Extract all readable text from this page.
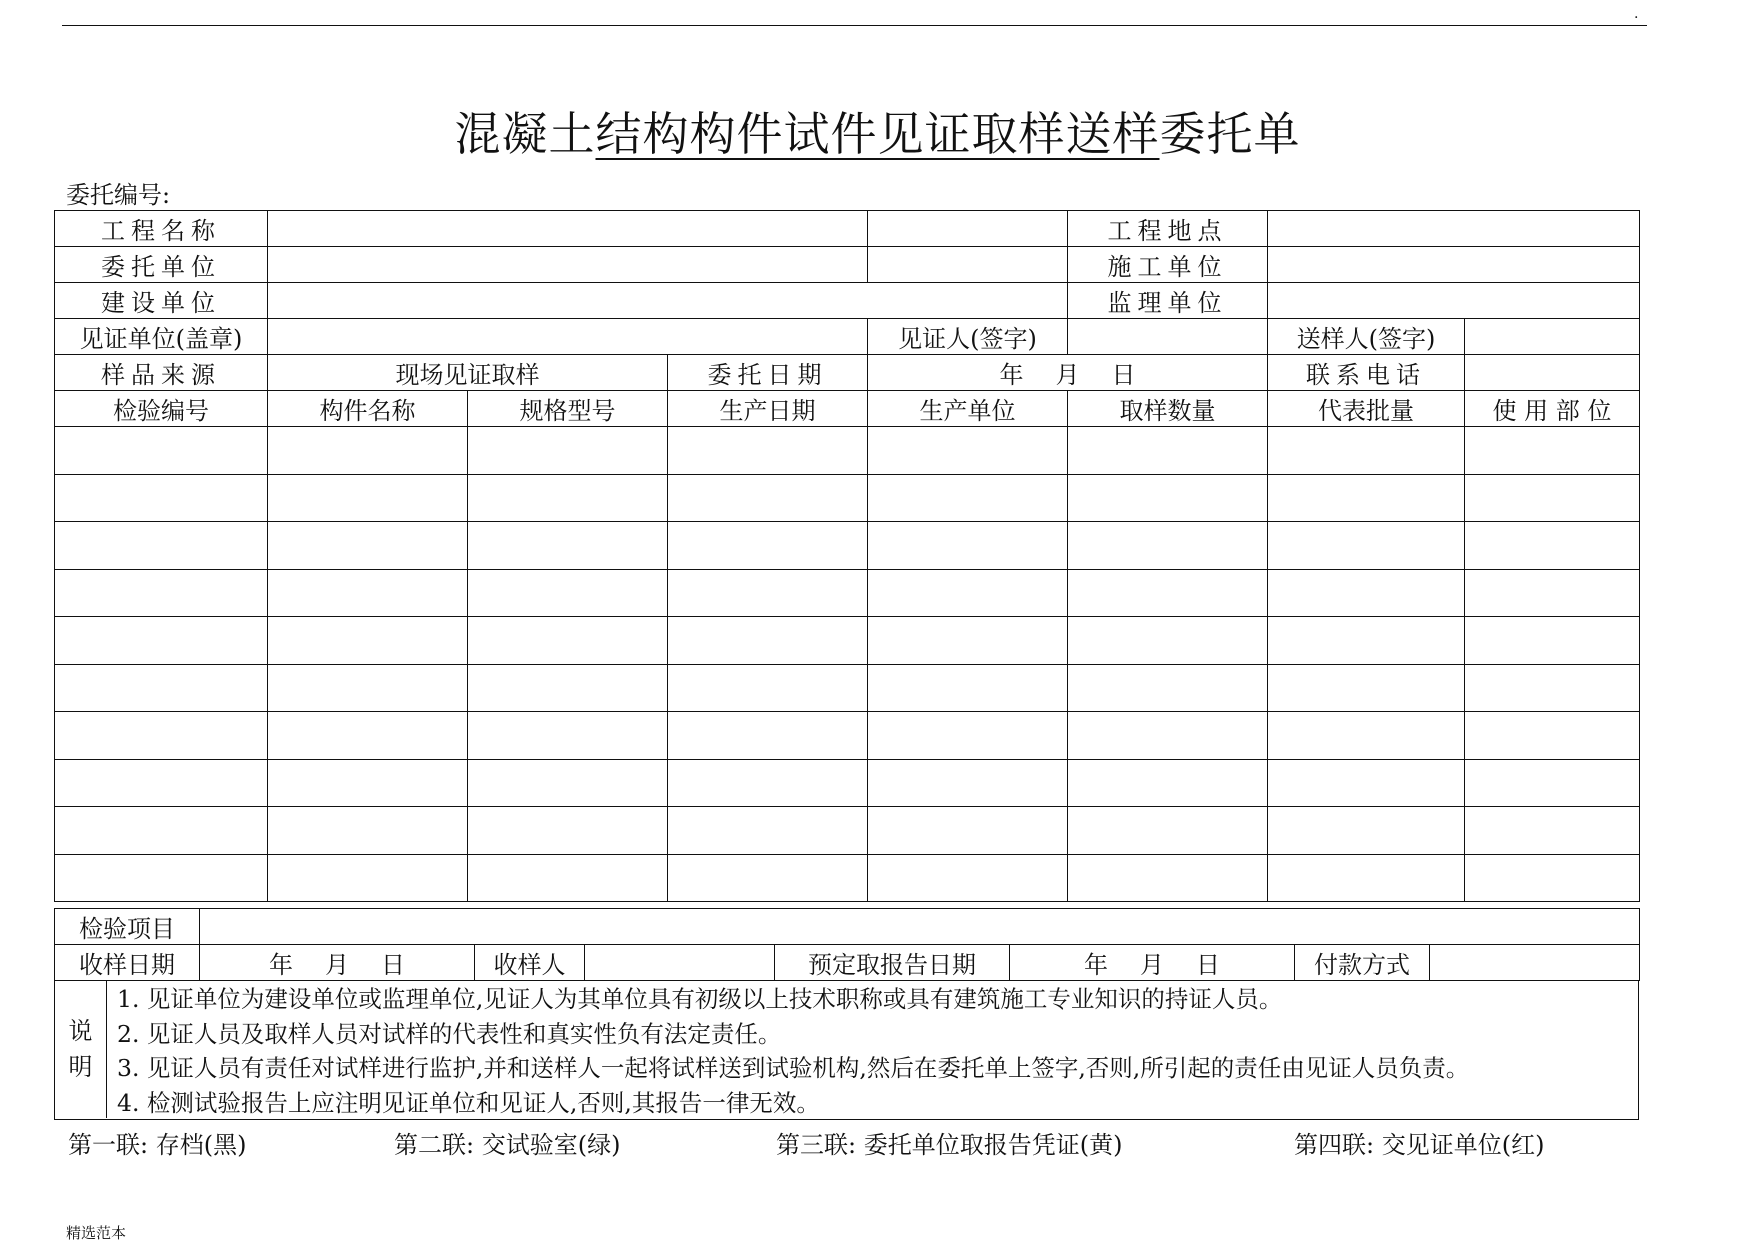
.
混凝土结构构件试件见证取样送样委托单
委托编号:
工程名称					工程地点		
委托单位					施工单位		
建设单位					监理单位		
见证单位(盖章)				见证人(签字)		送样人(签字)	
样品来源	现场见证取样		委托日期	年 月 日		联系电话	
检验编号	构件名称	规格型号	生产日期	生产单位	取样数量	代表批量	使 用 部 位

检验项目							
收样日期	年 月 日	收样人		预定取报告日期	年 月 日	付款方式	
说
明
1. 见证单位为建设单位或监理单位,见证人为其单位具有初级以上技术职称或具有建筑施工专业知识的持证人员。
2. 见证人员及取样人员对试样的代表性和真实性负有法定责任。
3. 见证人员有责任对试样进行监护,并和送样人一起将试样送到试验机构,然后在委托单上签字,否则,所引起的责任由见证人员负责。
4. 检测试验报告上应注明见证单位和见证人,否则,其报告一律无效。
第一联: 存档(黑)	第二联: 交试验室(绿)	第三联: 委托单位取报告凭证(黄)	第四联: 交见证单位(红)
精选范本
